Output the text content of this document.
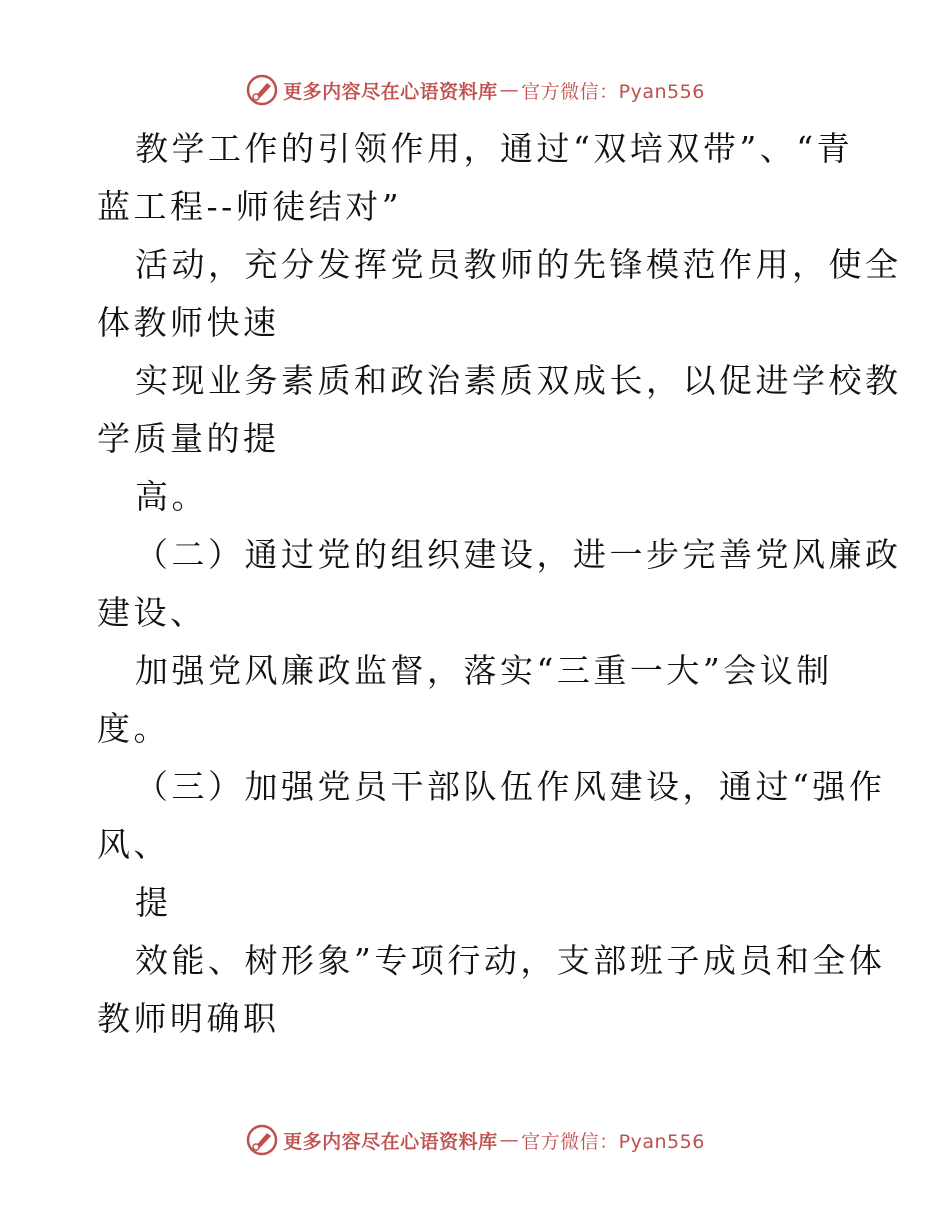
更多内容尽在心语资料库 — 官方微信：Pyan556
教学工作的引领作用，通过“双培双带”、“青
蓝工程--师徒结对”
活动，充分发挥党员教师的先锋模范作用，使全
体教师快速
实现业务素质和政治素质双成长，以促进学校教
学质量的提
高。
（二）通过党的组织建设，进一步完善党风廉政
建设、
加强党风廉政监督，落实“三重一大”会议制
度。
（三）加强党员干部队伍作风建设，通过“强作
风、
提
效能、树形象”专项行动，支部班子成员和全体
教师明确职
更多内容尽在心语资料库 — 官方微信：Pyan556
